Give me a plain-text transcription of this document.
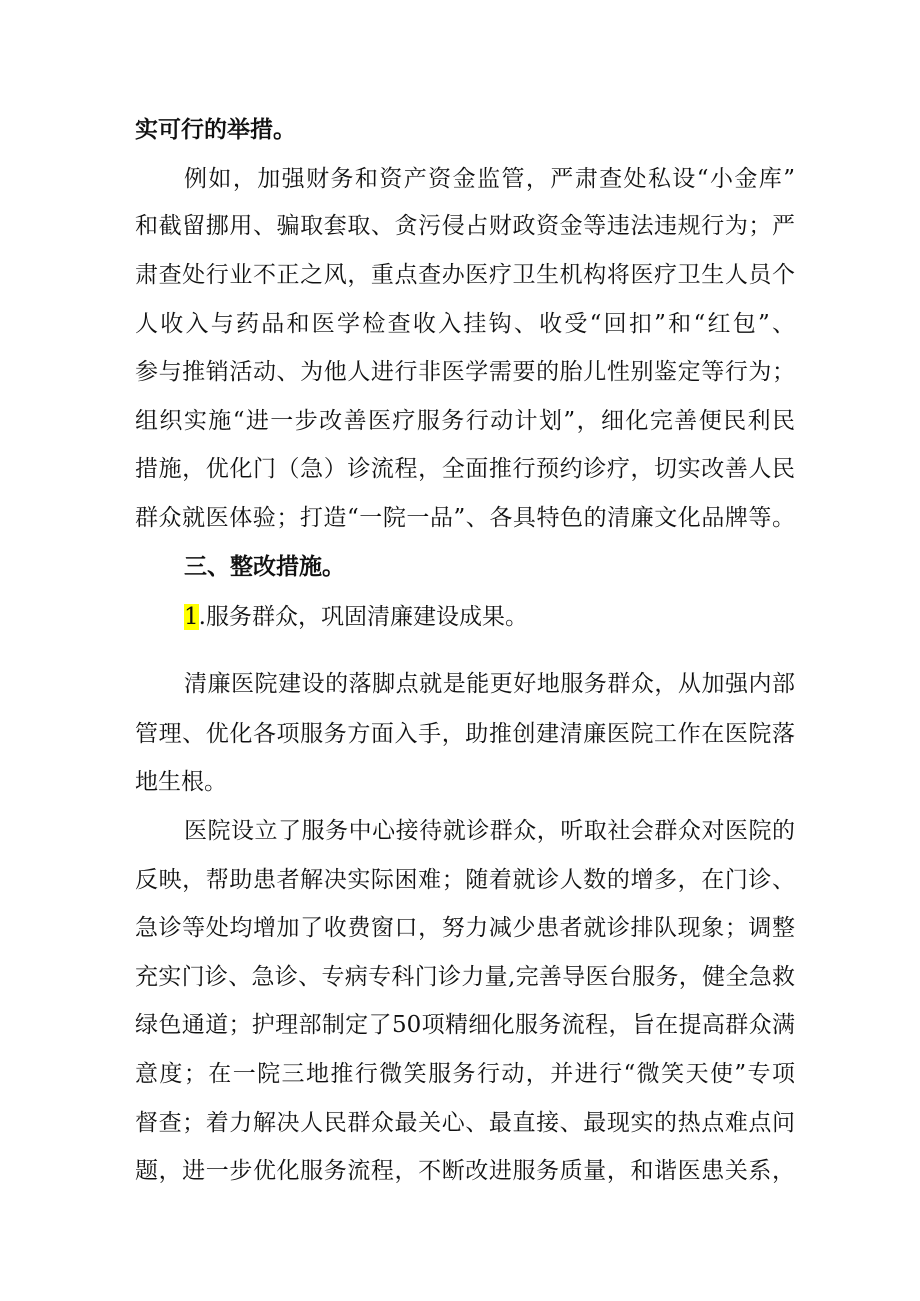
实可行的举措。
例如，加强财务和资产资金监管，严肃查处私设“小金库”
和截留挪用、骗取套取、贪污侵占财政资金等违法违规行为；严
肃查处行业不正之风，重点查办医疗卫生机构将医疗卫生人员个
人收入与药品和医学检查收入挂钩、收受“回扣”和“红包”、
参与推销活动、为他人进行非医学需要的胎儿性别鉴定等行为；
组织实施“进一步改善医疗服务行动计划”，细化完善便民利民
措施，优化门（急）诊流程，全面推行预约诊疗，切实改善人民
群众就医体验；打造“一院一品”、各具特色的清廉文化品牌等。
三、整改措施。
1.服务群众，巩固清廉建设成果。
清廉医院建设的落脚点就是能更好地服务群众，从加强内部
管理、优化各项服务方面入手，助推创建清廉医院工作在医院落
地生根。
医院设立了服务中心接待就诊群众，听取社会群众对医院的
反映，帮助患者解决实际困难；随着就诊人数的增多，在门诊、
急诊等处均增加了收费窗口，努力减少患者就诊排队现象；调整
充实门诊、急诊、专病专科门诊力量,完善导医台服务，健全急救
绿色通道；护理部制定了50项精细化服务流程，旨在提高群众满
意度；在一院三地推行微笑服务行动，并进行“微笑天使”专项
督查；着力解决人民群众最关心、最直接、最现实的热点难点问
题，进一步优化服务流程，不断改进服务质量，和谐医患关系，
